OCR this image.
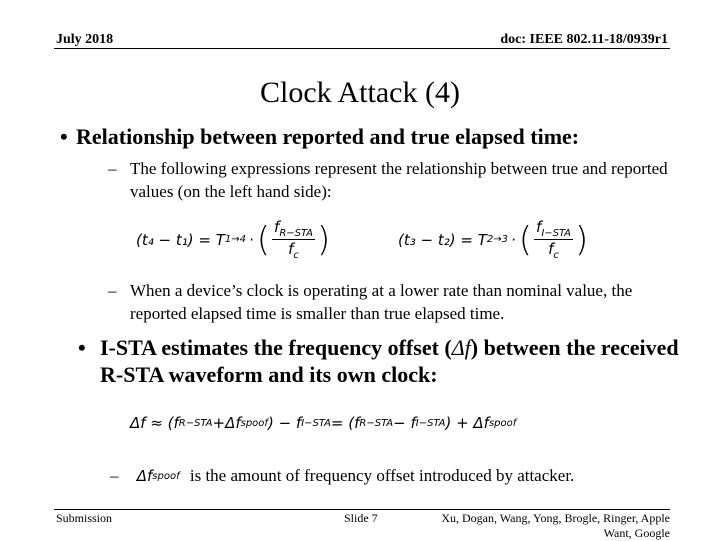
July 2018	doc: IEEE 802.11-18/0939r1
Clock Attack (4)
• Relationship between reported and true elapsed time:
– The following expressions represent the relationship between true and reported values (on the left hand side):
(t₄ − t₁) = T 1→4 · ( $\frac{f_{R-STA}}{f_c}$ )	(t₃ − t₂) = T 2→3 · ( $\frac{f_{I-STA}}{f_c}$ )
– When a device’s clock is operating at a lower rate than nominal value, the reported elapsed time is smaller than true elapsed time.
• I-STA estimates the frequency offset (Δf) between the received R-STA waveform and its own clock:
Δf ≈ (f R−STA +Δf spoof ) − f I−STA = (f R−STA − f I−STA ) + Δf spoof
– Δf spoof is the amount of frequency offset introduced by attacker.
Submission	Slide 7	Xu, Dogan, Wang, Yong, Brogle, Ringer, Apple
Want, Google
